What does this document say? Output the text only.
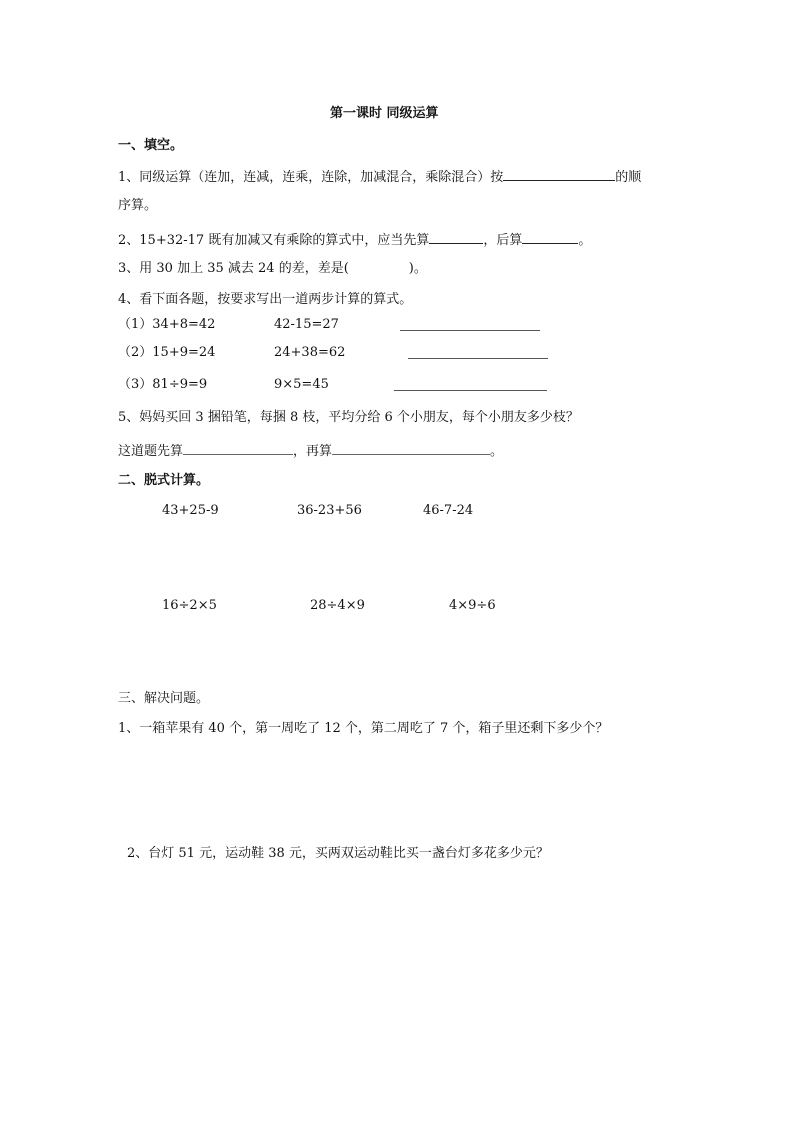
第一课时 同级运算
一、填空。
1、同级运算（连加，连减，连乘，连除，加减混合，乘除混合）按	的顺
序算。
2、15+32-17 既有加减又有乘除的算式中，应当先算	，后算	。
3、用 30 加上 35 减去 24 的差，差是(	)。
4、看下面各题，按要求写出一道两步计算的算式。
（1）34+8=42	42-15=27
（2）15+9=24	24+38=62
（3）81÷9=9	9×5=45
5、妈妈买回 3 捆铅笔，每捆 8 枝，平均分给 6 个小朋友，每个小朋友多少枝？
这道题先算	，再算	。
二、脱式计算。
43+25-9	36-23+56	46-7-24
16÷2×5	28÷4×9	4×9÷6
三、解决问题。
1、一箱苹果有 40 个，第一周吃了 12 个，第二周吃了 7 个，箱子里还剩下多少个？
2、台灯 51 元，运动鞋 38 元，买两双运动鞋比买一盏台灯多花多少元？
